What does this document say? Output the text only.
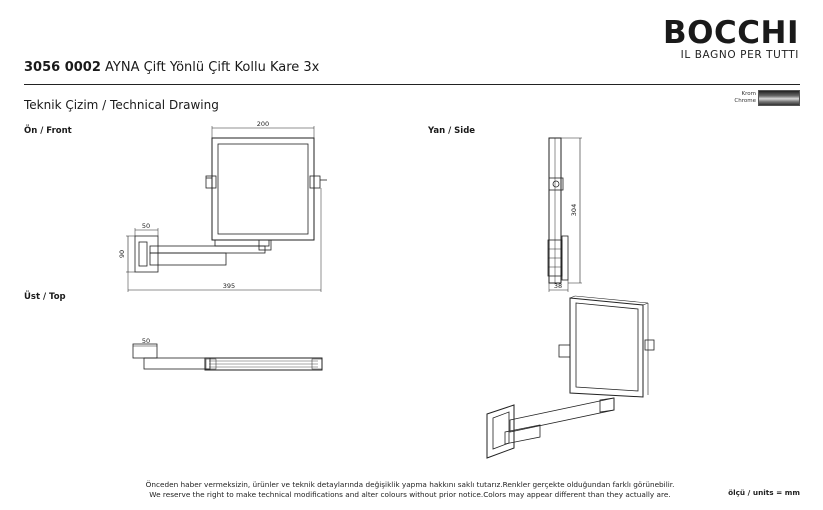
BOCCHI
IL BAGNO PER TUTTI
3056 0002 AYNA Çift Yönlü Çift Kollu Kare 3x
Teknik Çizim / Technical Drawing
Krom
Chrome
Ön / Front	Yan / Side
Üst / Top
200
50
90
395
304
38
50
Önceden haber vermeksizin, ürünler ve teknik detaylarında değişiklik yapma hakkını saklı tutarız.Renkler gerçekte olduğundan farklı görünebilir.
We reserve the right to make technical modifications and alter colours without prior notice.Colors may appear different than they actually are.	ölçü / units = mm
